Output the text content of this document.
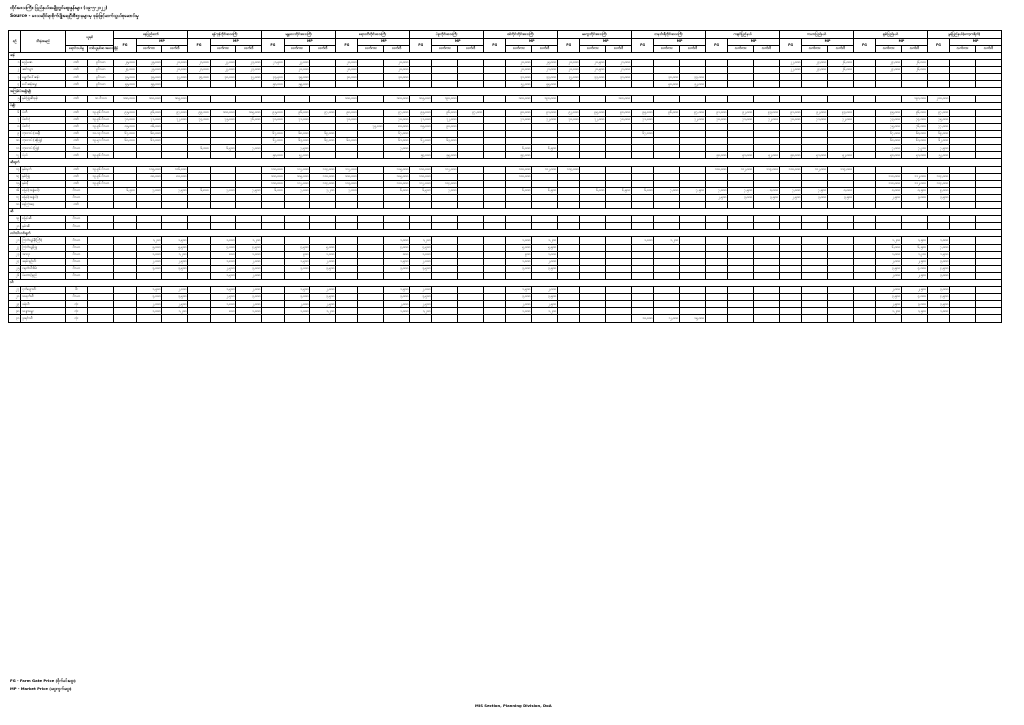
ထိုင်းဒေသကြီး၊ ပြည်နယ်အချို့တွင်ဈေးနှုန်းများ (၁၉-၅-၂၀၂၂)
Source - ဒေသဆိုင်ရာစိုက်ပျိုးရေးဦးစီးဌာနများမှ ဖုန်းဖြင့်ဆက်သွယ်စုဆောင်းမှု
စဉ်	သီးနှံအမည်	ယူနစ်		နေပြည်တော်			ရန်ကုန်တိုင်းဒေသကြီး			မန္တလေးတိုင်းဒေသကြီး			ဧရာဝတီတိုင်းဒေသကြီး			ပဲခူးတိုင်းဒေသကြီး			စစ်ကိုင်းတိုင်းဒေသကြီး			မကွေးတိုင်းဒေသကြီး			တနင်္သာရီတိုင်းဒေသကြီး			ကချင်ပြည်နယ်			ကယားပြည်နယ်			ရှမ်းပြည်နယ်			မွန်ပြည်နယ်(ကော့ကရိတ်)		
				FG	MP		FG	MP		FG	MP		FG	MP		FG	MP		FG	MP		FG	MP		FG	MP		FG	MP		FG	MP		FG	MP		FG	MP	
		ရောင်းဝယ်မှု	တစ်ယူနစ်ဆ အလေးချိန်		လက်ကား	လက်လီ		လက်ကား	လက်လီ		လက်ကား	လက်လီ		လက်ကား	လက်လီ		လက်ကား	လက်လီ		လက်ကား	လက်လီ		လက်ကား	လက်လီ		လက်ကား	လက်လီ		လက်ကား	လက်လီ		လက်ကား	လက်လီ		လက်ကား	လက်လီ		လက်ကား	လက်လီ
ဆန်																																							
၁	ဧည့်မထ	တင်း	၉ပိဿာ	၂၅,၀၀၀	၂၅,၀၀၀	၂၀,၀၀၀	၂၁,၀၀၀	၂၂,၀၀၀	၂၃,၀၀၀	၂၁,၅၀၀	၂၂,၀၀၀		၂၀,၀၀၀		၂၀,၀၀၀					၂၀,၀၀၀	၂၅,၀၀၀	၂၀,၀၀၀	၂၀,၅၀၀	၂၁,၀၀၀							၂၂,၀၀၀	၂၄,၀၀၀	၂၆,၀၀၀		၂၄,၀၀၀	၂၆,၀၀၀			
၂	ဆင်းသွား	တင်း	၉ပိဿာ	၂၄,၀၀၀	၂၅,၀၀၀	၂၀,၀၀၀	၂၁,၀၀၀	၂၂,၀၀၀	၂၃,၀၀၀		၂၀,၀၀၀		၂၀,၀၀၀		၂၀,၀၀၀					၂၀,၀၀၀	၂၁,၀၀၀	၂၀,၀၀၀	၂၀,၅၀၀	၂၁,၀၀၀							၂၂,၀၀၀	၂၄,၀၀၀	၂၆,၀၀၀		၂၄,၀၀၀	၂၆,၀၀၀			
၃	ရွှေဘိုပေါ်ဆန်း	တင်း	၉ပိဿာ	၃၅,၀၀၀	၃၅,၀၀၀	၃၂,၀၀၀	၃၄,၀၀၀	၃၀,၀၀၀	၃၂,၀၀၀	၃၃,၅၀၀	၃၅,၀၀၀		၃၀,၀၀၀		၃၀,၀၀၀					၃၁,၀၀၀	၃၃,၀၀၀	၃၂,၀၀၀	၃၃,၀၀၀	၃၁,၀၀၀		၃၀,၀၀၀	၃၃,၀၀၀												
၄	ပေါ်ဆန်းမွှေး	တင်း	၉ပိဿာ	၅၅,၀၀၀	၅၅,၀၀၀					၅၀,၀၀၀	၅၅,၀၀၀									၅၂,၀၀၀	၅၅,၀၀၀					၅၀,၀၀၀	၅၂,၀၀၀												
အကြမ်းပဲအမျိုးမျိုး																																							
၅	နှမ်းဖြူဆီအုန်း	တင်း	၁၀ ပိဿာ	၁၈၀,၀၀၀	၁၈၀,၀၀၀	၁၈၅,၀၀၀							၁၈၀,၀၀၀		၁၈၀,၀၀၀	၁၈၅,၀၀၀	၁၉၀,၀၀၀			၁၈၀,၀၀၀	၁၉၀,၀၀၀			၁၈၀,၀၀၀												၁၉၀,၀၀၀	၂၀၀,၀၀၀		
ပဲမျိုး																																							
၆	ပဲတီ	တင်း	၁၉.၉၆ ပိဿာ	၉၅,၀၀၀	၉၆,၀၀၀	၉၇,၀၀၀	၉၉,၀၀၀	၁၀၀,၀၀၀	၁၀၅,၀၀၀	၉၅,၀၀၀	၉၆,၀၀၀	၉၇,၀၀၀	၉၈,၀၀၀		၉၇,၀၀၀	၉၅,၀၀၀	၉၆,၀၀၀	၉၇,၀၀၀		၉၀,၀၀၀	၉၁,၀၀၀	၉၂,၀၀၀	၉၅,၀၀၀	၉၀,၀၀၀	၉၅,၀၀၀	၉၆,၀၀၀	၉၇,၀၀၀	၉၁,၀၀၀	၉၂,၀၀၀	၉၃,၀၀၀	၉၁,၀၀၀	၉၂,၀၀၀	၉၃,၀၀၀		၉၅,၀၀၀	၉၆,၀၀၀	၉၇,၀၀၀		
၇	ပဲစင်းငုံ	တင်း	၁၉.၉၆ ပိဿာ	၇၀,၀၀၀	၇၁,၀၀၀	၇၂,၀၀၀	၇၄,၀၀၀	၇၅,၀၀၀	၇၆,၀၀၀	၇၀,၀၀၀	၇၁,၀၀၀		၇၀,၀၀၀		၇၀,၀၀၀	၇၁,၀၀၀	၇၂,၀၀၀			၇၁,၀၀၀	၇၂,၀၀၀	၇၀,၀၀၀	၇၂,၀၀၀	၇၀,၀၀၀	၇၁,၀၀၀		၇၂,၀၀၀	၇၀,၀၀၀	၇၁,၀၀၀	၇၂,၀၀၀	၇၀,၀၀၀	၇၁,၀၀၀	၇၂,၀၀၀		၇၃,၀၀၀	၇၄,၀၀၀	၇၅,၀၀၀		
၈	ပဲစင်းငုံ	တင်း	၁၉.၉၆ ပိဿာ	၈၅,၀၀၀	၈၆,၀၀၀									၇၅,၀၀၀	၈၀,၀၀၀	၈၅,၀၀၀	၉၀,၀၀၀																		၇၅,၀၀၀	၇၆,၀၀၀	၇၇,၀၀၀		
၉	ကုလားပဲ (အနီ)	တင်း	၁၀.၁၄ ပိဿာ	၆၇,၀၀၀	၆၈,၀၀၀					၆၇,၀၀၀	၆၈,၀၀၀	၆၉,၀၀၀			၆၇,၀၀၀										၆၇,၀၀၀										၆၇,၀၀၀	၆၈,၀၀၀	၆၉,၀၀၀		
၁၀	ကုလားပဲ (ဆုံဖြူ)	တင်း	၁၉.၅၁ ပိဿာ	၆၀,၀၀၀	၆၁,၀၀၀					၆၂,၀၀၀	၆၃,၀၀၀	၆၄,၀၀၀	၆၀,၀၀၀		၆၁,၀၀၀	၆၂,၀၀၀	၆၃,၀၀၀																		၆၀,၀၀၀	၆၁,၀၀၀	၆၂,၀၀၀		
၁၁	ကုလားပဲ (ဖြူ)	ပိဿာ					၆,၀၀၀	၆,၅၀၀	၇,၀၀၀		၇,၅၀၀				၇,၀၀၀					၆,၀၀၀	၆,၅၀၀														၇,၀၀၀	၇,၂၀၀	၇,၅၀၀		
၁၂	ပဲပုပ်	တင်း	၁၉.၉၆ ပိဿာ							၅၀,၀၀၀	၅၂,၀၀၀					၅၄,၀၀၀	၅၅,၀၀၀			၅၄,၀၀၀								၅၀,၀၀၀	၅၁,၀၀၀	၅၂,၀၀၀	၅၀,၀၀၀	၅၁,၀၀၀	၅၂,၀၀၀		၅၀,၀၀၀	၅၁,၀၀၀	၅၂,၀၀၀		
ဆီထွက်																																							
၁၃	နှမ်းနက်	တင်း	၁၉.၉၆ ပိဿာ		၁၁၅,၀၀၀	၁၁၆,၀၀၀				၁၁၀,၀၀၀	၁၁၂,၀၀၀	၁၁၄,၀၀၀	၁၁၂,၀၀၀		၁၁၅,၀၀၀	၁၁၀,၀၀၀	၁၁၂,၀၀၀			၁၁၀,၀၀၀	၁၁၂,၀၀၀	၁၁၄,၀၀၀						၁၁၀,၀၀၀	၁၁၂,၀၀၀	၁၁၄,၀၀၀	၁၁၀,၀၀၀	၁၁၂,၀၀၀	၁၁၄,၀၀၀						
၁၄	နှမ်းဖြူ	တင်း	၁၉.၉၆ ပိဿာ		၈၀,၀၀၀	၈၀,၀၀၀				၁၀၀,၀၀၀	၁၀၅,၀၀၀	၁၁၀,၀၀၀	၁၀၀,၀၀၀		၁၀၅,၀၀၀	၁၁၀,၀၀၀				၁၁၀,၀၀၀															၁၁၀,၀၀၀	၁၁၂,၀၀၀	၁၁၄,၀၀၀		
၁၅	နှမ်းနီ	တင်း	၁၉.၉၆ ပိဿာ							၁၁၀,၀၀၀	၁၁၂,၀၀၀	၁၁၄,၀၀၀	၁၁၃,၀၀၀		၁၁၀,၀၀၀	၁၁၂,၀၀၀	၁၁၄,၀၀၀																		၁၁၀,၀၀၀	၁၁၂,၀၀၀	၁၁၄,၀၀၀		
၁၆	မြေပဲ(အခွံမပါ)	ပိဿာ		၆,၅၀၀	၇,၀၀၀	၇,၅၀၀	၆,၈၀၀	၇,၀၀၀	၇,၅၀၀	၆,၀၀၀	၇,၀၀၀	၇,၂၀၀	၇,၀၀၀		၆,၀၀၀	၆,၅၀၀	၇,၀၀၀			၆,၀၀၀	၆,၅၀၀		၆,၀၀၀	၆,၅၀၀	၆,၀၀၀	၇,၀၀၀	၇,၅၀၀	၇,၀၀၀	၇,၅၀၀	၈,၀၀၀	၇,၀၀၀	၇,၅၀၀	၈,၀၀၀		၈,၀၀၀	၈,၅၀၀	၉,၀၀၀		
၁၇	မြေပဲ(အခွံပါ)	ပိဿာ																										၂,၅၀၀	၃,၀၀၀	၃,၅၀၀	၂,၅၀၀	၃,၀၀၀	၃,၅၀၀		၂,၅၀၀	၃,၀၀၀	၃,၅၀၀		
၁၈	နေကြာစေ့	တင်း																																					
ဆီ																																							
၁၉	မြေပဲဆီ	ပိဿာ																																					
၂၀	နှမ်းဆီ	ပိဿာ																																					
ဟင်းသီးဟင်းရွက်																																							
၂၁	ကြက်သွန်နီ(ကြီး)	ပိဿာ			၁,၂၀၀	၁,၅၀၀		၁,၀၀၀	၁,၂၀၀						၁,၀၀၀	၁,၂၀၀				၁,၀၀၀	၁,၂၀၀				၁,၀၀၀	၁,၂၀၀									၁,၂၀၀	၁,၅၀၀	၁,၈၀၀		
၂၂	ကြက်သွန်ဖြူ	ပိဿာ			၅,၀၀၀	၅,၅၀၀		၄,၀၀၀	၄,၅၀၀		၄,၅၀၀	၅,၀၀၀			၄,၀၀၀	၄,၅၀၀				၅,၀၀၀	၅,၅၀၀														၆,၀၀၀	၆,၅၀၀	၇,၀၀၀		
၂၃	အာလူး	ပိဿာ			၁,၀၀၀	၁,၂၀၀		၈၀၀	၁,၀၀၀		၉၀၀	၁,၀၀၀			၈၀၀	၁,၀၀၀				၉၀၀	၁,၀၀၀														၁,၀၀၀	၁,၂၀၀	၁,၅၀၀		
၂၄	ခရမ်းချဉ်သီး	ပိဿာ			၂,၀၀၀	၂,၅၀၀		၁,၈၀၀	၂,၀၀၀		၁,၅၀၀	၂,၀၀၀			၁,၅၀၀	၂,၀၀၀				၁,၈၀၀	၂,၀၀၀														၂,၀၀၀	၂,၅၀၀	၃,၀၀၀		
၂၅	ငရုတ်သီးစိမ်း	ပိဿာ			၃,၀၀၀	၃,၅၀၀		၂,၅၀၀	၃,၀၀၀		၃,၀၀၀	၃,၅၀၀			၃,၀၀၀	၃,၅၀၀				၃,၀၀၀	၃,၅၀၀														၃,၅၀၀	၄,၀၀၀	၄,၅၀၀		
၂၆	ပဲတောင့်ရှည်	ပိဿာ						၁,၅၀၀	၂,၀၀၀																										၂,၀၀၀	၂,၅၀၀	၃,၀၀၀		
သီး																																							
၂၇	ငှက်ပျောသီး	ဖီး			၁,၅၀၀	၂,၀၀၀		၁,၅၀၀	၂,၀၀၀		၁,၅၀၀	၂,၀၀၀			၁,၅၀၀	၂,၀၀၀				၁,၅၀၀	၂,၀၀၀														၂,၀၀၀	၂,၅၀၀	၃,၀၀၀		
၂၈	သရက်သီး	ပိဿာ			၃,၀၀၀	၃,၅၀၀		၂,၅၀၀	၃,၀၀၀		၃,၀၀၀	၃,၅၀၀			၃,၀၀၀	၃,၅၀၀				၃,၀၀၀	၃,၅၀၀														၃,၅၀၀	၄,၀၀၀	၄,၅၀၀		
၂၉	ဖရဲသီး	လုံး			၂,၀၀၀	၂,၅၀၀		၁,၈၀၀	၂,၀၀၀		၂,၀၀၀	၂,၅၀၀			၂,၀၀၀	၂,၅၀၀				၂,၀၀၀	၂,၅၀၀														၂,၅၀၀	၃,၀၀၀	၃,၅၀၀		
၃၀	သခွားမွှေး	လုံး			၁,၀၀၀	၁,၂၀၀		၈၀၀	၁,၀၀၀		၁,၀၀၀	၁,၂၀၀			၁,၀၀၀	၁,၂၀၀				၁,၀၀၀	၁,၂၀၀														၁,၂၀၀	၁,၅၀၀	၁,၈၀၀		
၃၁	ဒူးရင်းသီး	လုံး																							၁၀,၀၀၀	၁၂,၀၀၀	၁၅,၀၀၀												
FG - Farm Gate Price (စိုက်ခင်းဈေး)
MP - Market Price (ဈေးကွက်ဈေး)
MIS Section, Planning Division, DoA
